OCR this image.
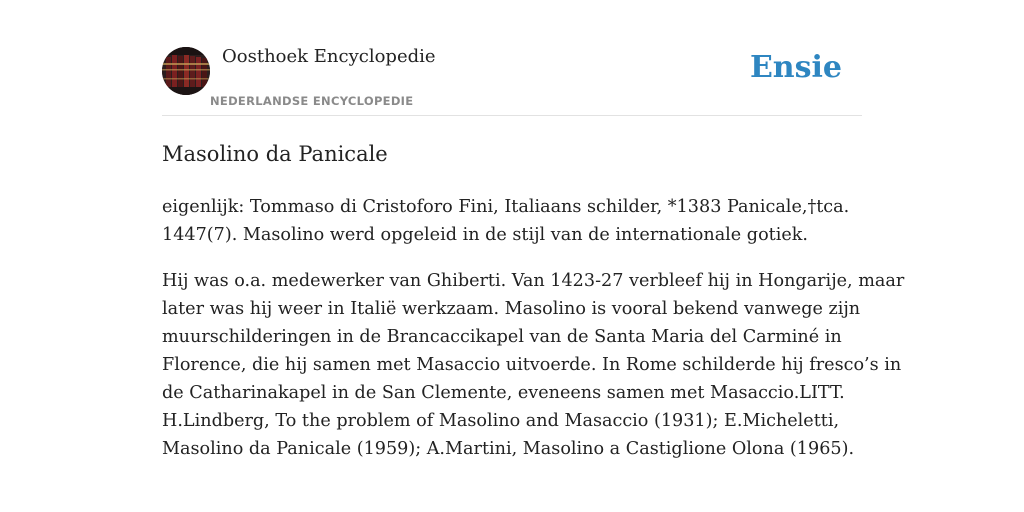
Oosthoek Encyclopedie
NEDERLANDSE ENCYCLOPEDIE
Ensie
Masolino da Panicale

eigenlijk: Tommaso di Cristoforo Fini, Italiaans schilder, *1383 Panicale,†tca.
1447(7). Masolino werd opgeleid in de stijl van de internationale gotiek.

Hij was o.a. medewerker van Ghiberti. Van 1423-27 verbleef hij in Hongarije, maar
later was hij weer in Italië werkzaam. Masolino is vooral bekend vanwege zijn
muurschilderingen in de Brancaccikapel van de Santa Maria del Carminé in
Florence, die hij samen met Masaccio uitvoerde. In Rome schilderde hij fresco’s in
de Catharinakapel in de San Clemente, eveneens samen met Masaccio.LITT.
H.Lindberg, To the problem of Masolino and Masaccio (1931); E.Micheletti,
Masolino da Panicale (1959); A.Martini, Masolino a Castiglione Olona (1965).
